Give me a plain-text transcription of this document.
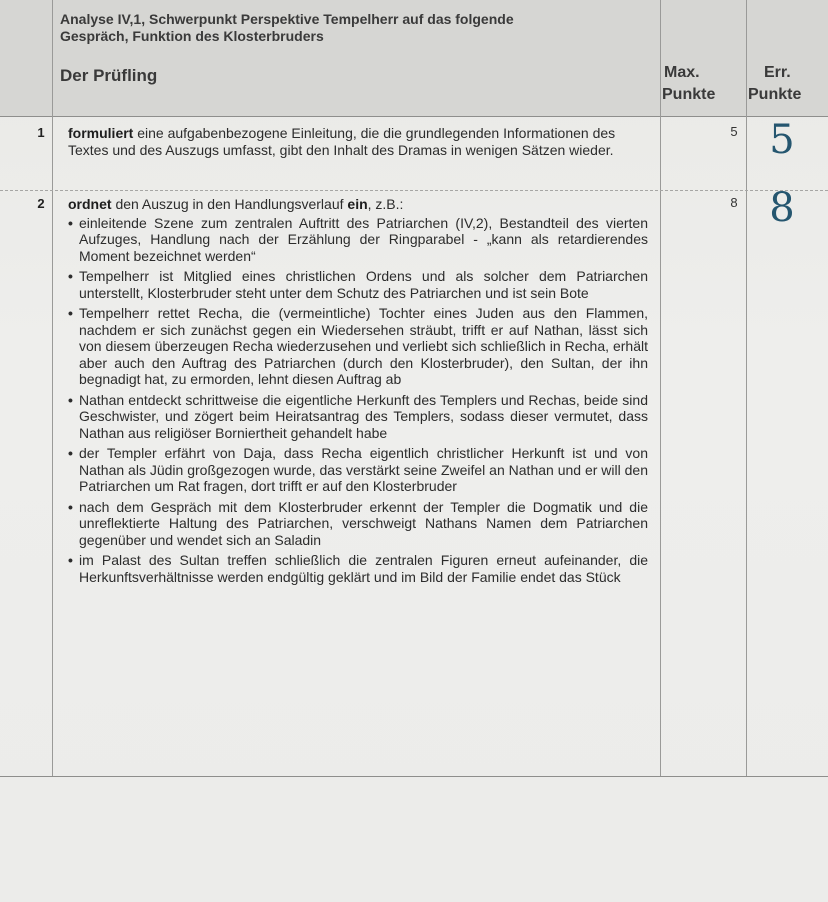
Analyse IV,1, Schwerpunkt Perspektive Tempelherr auf das folgende
Gespräch, Funktion des Klosterbruders
Der Prüfling	Max.
Punkte
Err.
Punkte
1 formuliert eine aufgabenbezogene Einleitung, die die grundlegenden Informationen des Textes und des Auszugs umfasst, gibt den Inhalt des Dramas in wenigen Sätzen wieder.
5 5
2 ordnet den Auszug in den Handlungsverlauf ein, z.B.:
• einleitende Szene zum zentralen Auftritt des Patriarchen (IV,2), Bestandteil des vierten Aufzuges, Handlung nach der Erzählung der Ringparabel - „kann als retardierendes Moment bezeichnet werden“
• Tempelherr ist Mitglied eines christlichen Ordens und als solcher dem Patriarchen unterstellt, Klosterbruder steht unter dem Schutz des Patriarchen und ist sein Bote
• Tempelherr rettet Recha, die (vermeintliche) Tochter eines Juden aus den Flammen, nachdem er sich zunächst gegen ein Wiedersehen sträubt, trifft er auf Nathan, lässt sich von diesem überzeugen Recha wiederzusehen und verliebt sich schließlich in Recha, erhält aber auch den Auftrag des Patriarchen (durch den Klosterbruder), den Sultan, der ihn begnadigt hat, zu ermorden, lehnt diesen Auftrag ab
• Nathan entdeckt schrittweise die eigentliche Herkunft des Templers und Rechas, beide sind Geschwister, und zögert beim Heiratsantrag des Templers, sodass dieser vermutet, dass Nathan aus religiöser Borniertheit gehandelt habe
• der Templer erfährt von Daja, dass Recha eigentlich christlicher Herkunft ist und von Nathan als Jüdin großgezogen wurde, das verstärkt seine Zweifel an Nathan und er will den Patriarchen um Rat fragen, dort trifft er auf den Klosterbruder
• nach dem Gespräch mit dem Klosterbruder erkennt der Templer die Dogmatik und die unreflektierte Haltung des Patriarchen, verschweigt Nathans Namen dem Patriarchen gegenüber und wendet sich an Saladin
• im Palast des Sultan treffen schließlich die zentralen Figuren erneut aufeinander, die Herkunftsverhältnisse werden endgültig geklärt und im Bild der Familie endet das Stück
8 8
